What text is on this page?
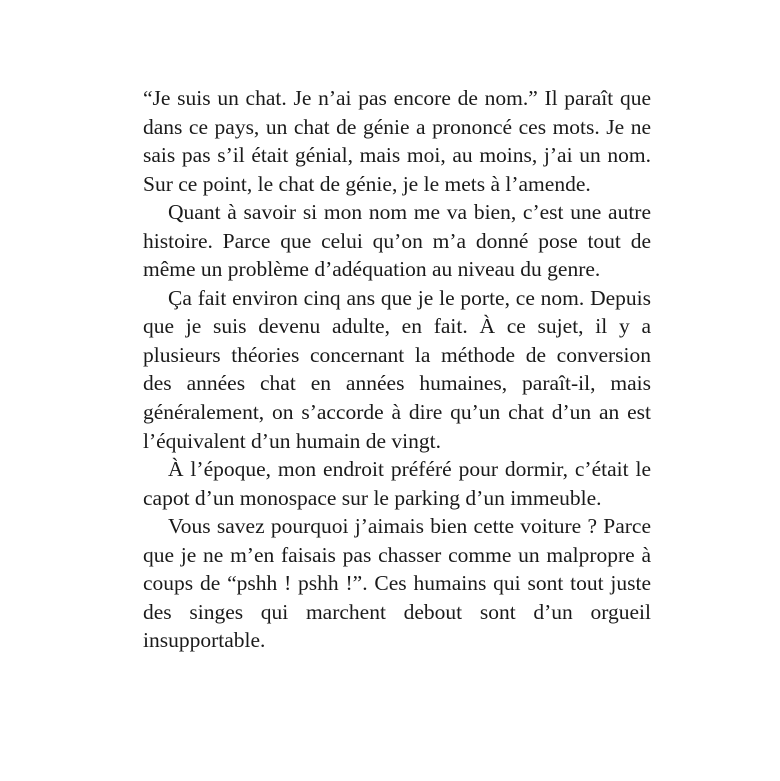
“Je suis un chat. Je n’ai pas encore de nom.” Il paraît que dans ce pays, un chat de génie a prononcé ces mots. Je ne sais pas s’il était génial, mais moi, au moins, j’ai un nom. Sur ce point, le chat de génie, je le mets à l’amende.

Quant à savoir si mon nom me va bien, c’est une autre histoire. Parce que celui qu’on m’a donné pose tout de même un problème d’adéquation au niveau du genre.

Ça fait environ cinq ans que je le porte, ce nom. Depuis que je suis devenu adulte, en fait. À ce sujet, il y a plusieurs théories concernant la méthode de conversion des années chat en années humaines, paraît-il, mais généralement, on s’accorde à dire qu’un chat d’un an est l’équivalent d’un humain de vingt.

À l’époque, mon endroit préféré pour dormir, c’était le capot d’un monospace sur le parking d’un immeuble.

Vous savez pourquoi j’aimais bien cette voiture ? Parce que je ne m’en faisais pas chasser comme un malpropre à coups de “pshh ! pshh !”. Ces humains qui sont tout juste des singes qui marchent debout sont d’un orgueil insupportable.
